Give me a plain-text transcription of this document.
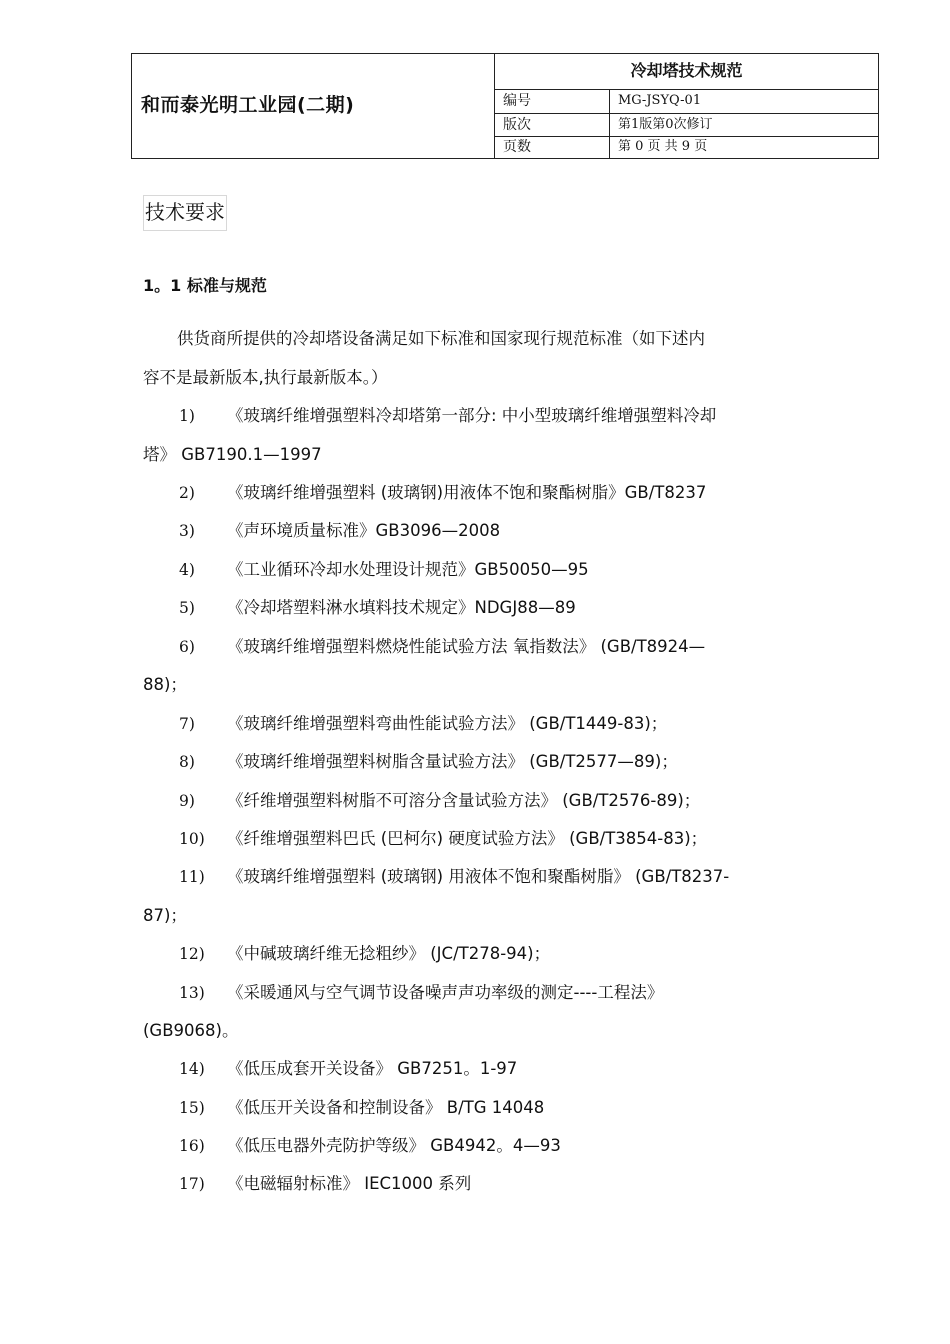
和而泰光明工业园(二期)
冷却塔技术规范
编号	MG-JSYQ-01
版次	第1版第0次修订
页数	第 0 页 共 9 页
技术要求
1。1 标准与规范
供货商所提供的冷却塔设备满足如下标准和国家现行规范标准（如下述内
容不是最新版本,执行最新版本。）
1) 《玻璃纤维增强塑料冷却塔第一部分: 中小型玻璃纤维增强塑料冷却
塔》 GB7190.1—1997
2) 《玻璃纤维增强塑料 (玻璃钢)用液体不饱和聚酯树脂》GB/T8237
3) 《声环境质量标准》GB3096—2008
4) 《工业循环冷却水处理设计规范》GB50050—95
5) 《冷却塔塑料淋水填料技术规定》NDGJ88—89
6) 《玻璃纤维增强塑料燃烧性能试验方法 氧指数法》 (GB/T8924—
88)；
7) 《玻璃纤维增强塑料弯曲性能试验方法》 (GB/T1449-83)；
8) 《玻璃纤维增强塑料树脂含量试验方法》 (GB/T2577—89)；
9) 《纤维增强塑料树脂不可溶分含量试验方法》 (GB/T2576-89)；
10) 《纤维增强塑料巴氏 (巴柯尔) 硬度试验方法》 (GB/T3854-83)；
11) 《玻璃纤维增强塑料 (玻璃钢) 用液体不饱和聚酯树脂》 (GB/T8237-
87)；
12) 《中碱玻璃纤维无捻粗纱》 (JC/T278-94)；
13) 《采暖通风与空气调节设备噪声声功率级的测定----工程法》
(GB9068)。
14) 《低压成套开关设备》 GB7251。1-97
15) 《低压开关设备和控制设备》 B/TG 14048
16) 《低压电器外壳防护等级》 GB4942。4—93
17) 《电磁辐射标准》 IEC1000 系列
